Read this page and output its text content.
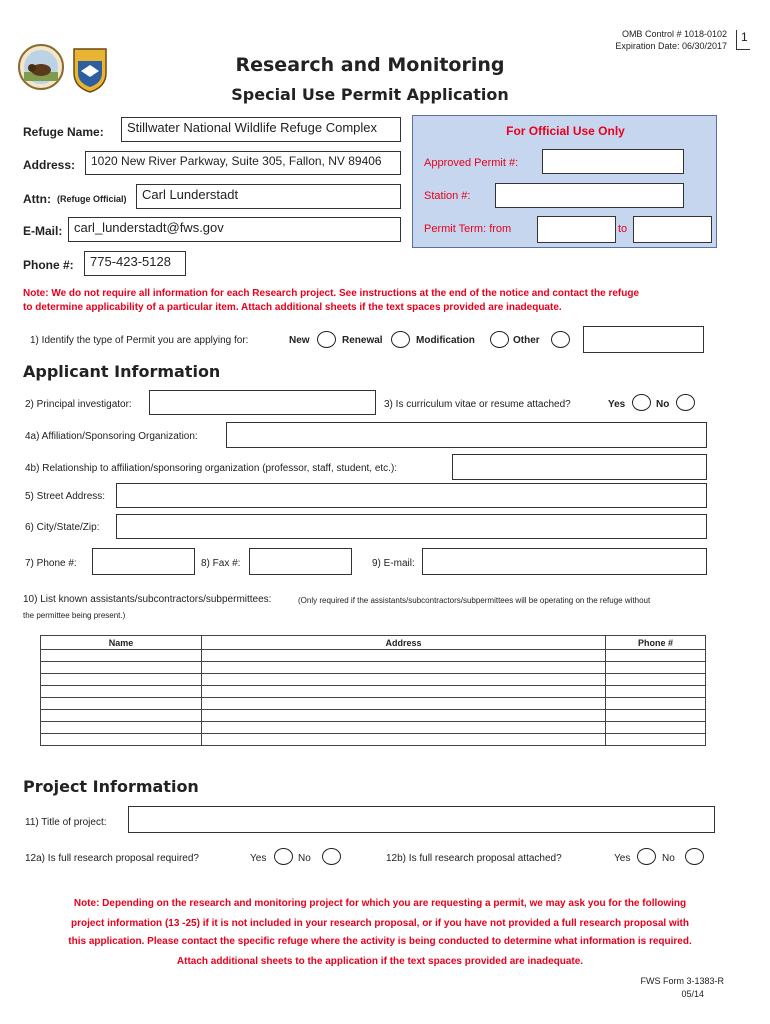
OMB Control # 1018-0102
Expiration Date: 06/30/2017
1
Research and Monitoring
Special Use Permit Application
Refuge Name:	Stillwater National Wildlife Refuge Complex
Address:	1020 New River Parkway, Suite 305, Fallon, NV 89406
Attn: (Refuge Official)	Carl Lunderstadt
E-Mail: carl_lunderstadt@fws.gov
Phone #:	775-423-5128
For Official Use Only
Approved Permit #:
Station #:
Permit Term: from	to
Note: We do not require all information for each Research project. See instructions at the end of the notice and contact the refuge
to determine applicability of a particular item. Attach additional sheets if the text spaces provided are inadequate.
1) Identify the type of Permit you are applying for:	New	Renewal	Modification	Other
Applicant Information
2) Principal investigator:	3) Is curriculum vitae or resume attached?	Yes	No
4a) Affiliation/Sponsoring Organization:
4b) Relationship to affiliation/sponsoring organization (professor, staff, student, etc.):
5) Street Address:
6) City/State/Zip:
7) Phone #:	8) Fax #:	9) E-mail:
10) List known assistants/subcontractors/subpermittees:	(Only required if the assistants/subcontractors/subpermittees will be operating on the refuge without
the permittee being present.)
Name	Address	Phone #

Project Information
11) Title of project:
12a) Is full research proposal required?	Yes	No	12b) Is full research proposal attached?	Yes	No
Note: Depending on the research and monitoring project for which you are requesting a permit, we may ask you for the following
project information (13 -25) if it is not included in your research proposal, or if you have not provided a full research proposal with
this application. Please contact the specific refuge where the activity is being conducted to determine what information is required.
Attach additional sheets to the application if the text spaces provided are inadequate.
FWS Form 3-1383-R
05/14
